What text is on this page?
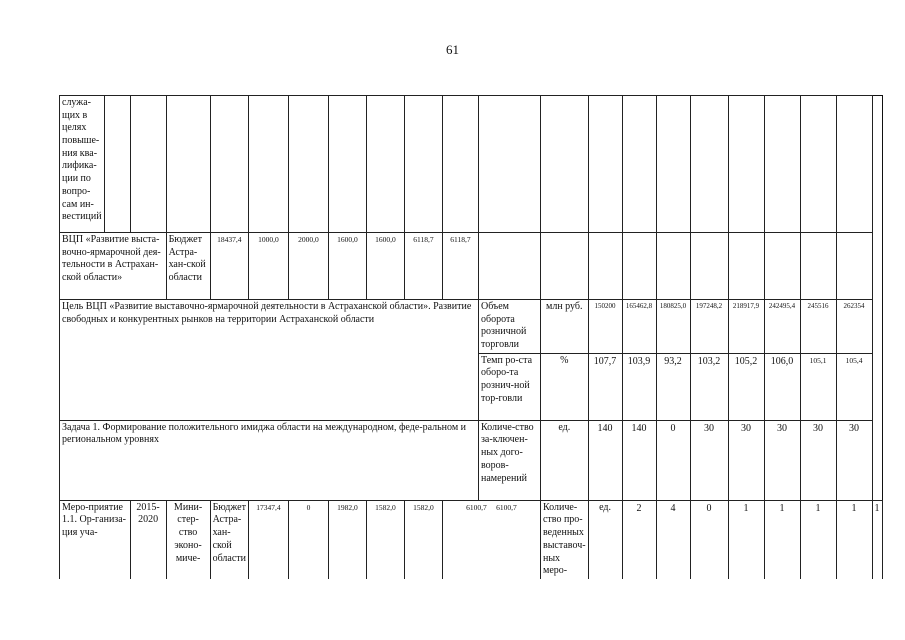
61
служа-щих в целях повыше-ния ква-лифика-ции по вопро-сам ин-вестиций																					
ВЦП «Развитие выста-вочно-ярмарочной дея-тельности в Астрахан-ской области»			Бюджет Астра-хан-ской области	18437,4	1000,0	2000,0	1600,0	1600,0	6118,7	6118,7											
Цель ВЦП «Развитие выставочно-ярмарочной деятельности в Астраханской области». Развитие свободных и конкурентных рынков на территории Астраханской области											Объем оборота розничной торговли	млн руб.	150200	165462,8	180825,0	197248,2	218917,9	242495,4	245516	262354	
											Темп ро-ста оборо-та рознич-ной тор-говли	%	107,7	103,9	93,2	103,2	105,2	106,0	105,1	105,4	
Задача 1. Формирование положительного имиджа области на международном, феде-ральном и региональном уровнях											Количе-ство за-ключен-ных дого-воров-намерений	ед.	140	140	0	30	30	30	30	30	
Меро-приятие 1.1. Ор-ганиза-ция уча-		2015-2020	Мини-стер-ство эконо-миче-	Бюджет Астра-хан-ской области	17347,4	0	1982,0	1582,0	1582,0	6100,7 6100,7		Количе-ство про-веденных выставоч-ных меро-	ед.	2	4	0	1	1	1	1	1
